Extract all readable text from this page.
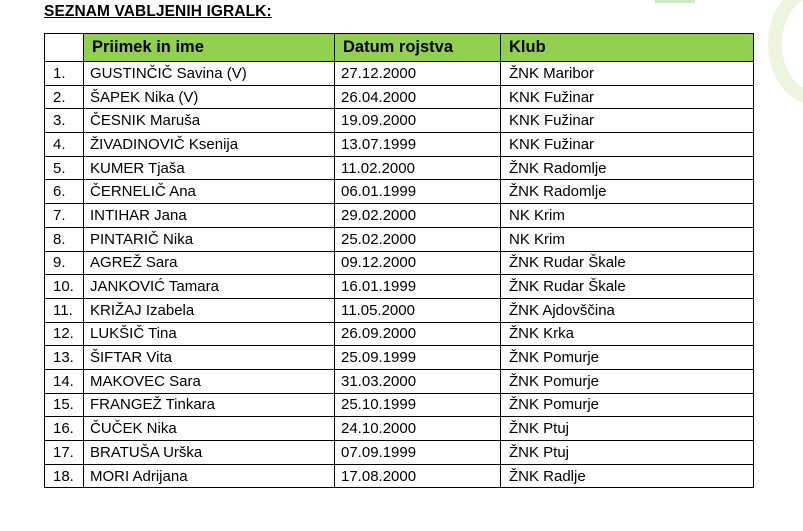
SEZNAM VABLJENIH IGRALK:
	Priimek in ime	Datum rojstva	Klub
1.	GUSTINČIČ Savina (V)	27.12.2000	ŽNK Maribor
2.	ŠAPEK Nika (V)	26.04.2000	KNK Fužinar
3.	ČESNIK Maruša	19.09.2000	KNK Fužinar
4.	ŽIVADINOVIČ Ksenija	13.07.1999	KNK Fužinar
5.	KUMER Tjaša	11.02.2000	ŽNK Radomlje
6.	ČERNELIČ Ana	06.01.1999	ŽNK Radomlje
7.	INTIHAR Jana	29.02.2000	NK Krim
8.	PINTARIČ Nika	25.02.2000	NK Krim
9.	AGREŽ Sara	09.12.2000	ŽNK Rudar Škale
10.	JANKOVIĆ Tamara	16.01.1999	ŽNK Rudar Škale
11.	KRIŽAJ Izabela	11.05.2000	ŽNK Ajdovščina
12.	LUKŠIČ Tina	26.09.2000	ŽNK Krka
13.	ŠIFTAR Vita	25.09.1999	ŽNK Pomurje
14.	MAKOVEC Sara	31.03.2000	ŽNK Pomurje
15.	FRANGEŽ Tinkara	25.10.1999	ŽNK Pomurje
16.	ČUČEK Nika	24.10.2000	ŽNK Ptuj
17.	BRATUŠA Urška	07.09.1999	ŽNK Ptuj
18.	MORI Adrijana	17.08.2000	ŽNK Radlje
